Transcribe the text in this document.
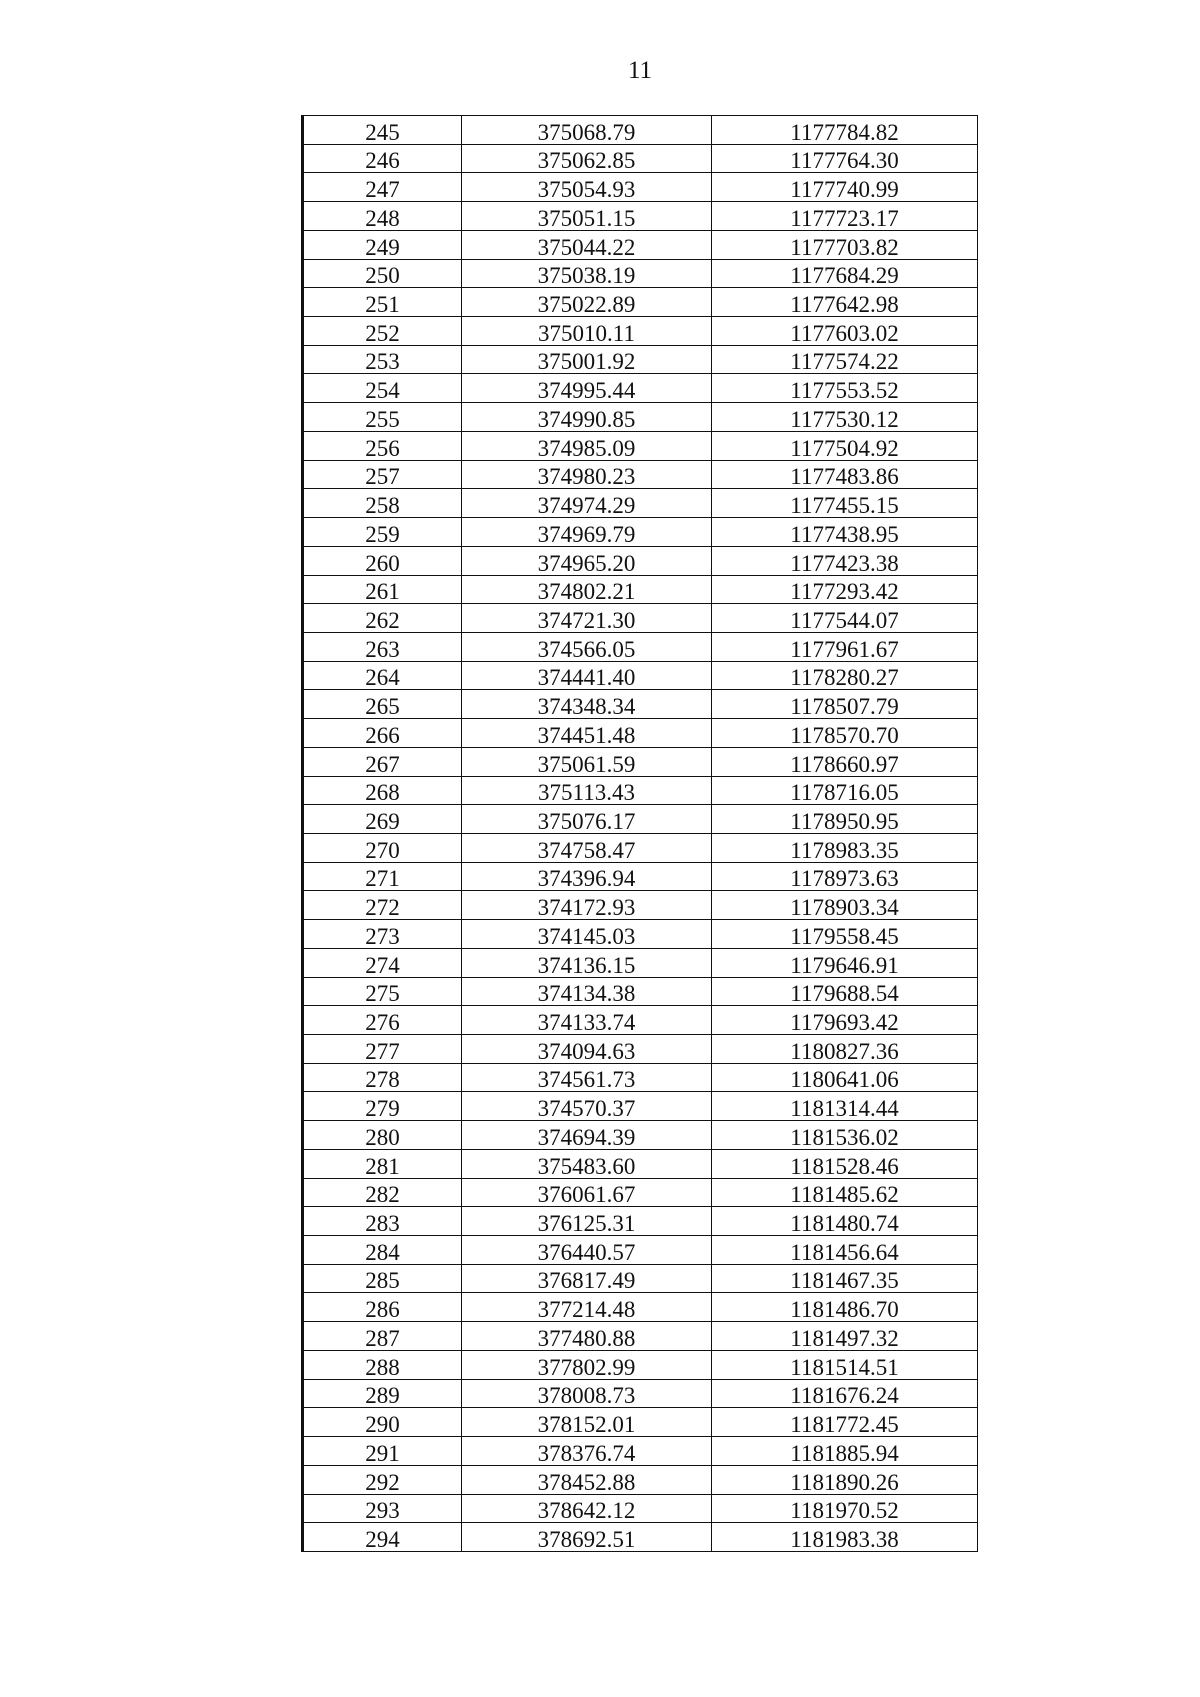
11
245	375068.79	1177784.82
246	375062.85	1177764.30
247	375054.93	1177740.99
248	375051.15	1177723.17
249	375044.22	1177703.82
250	375038.19	1177684.29
251	375022.89	1177642.98
252	375010.11	1177603.02
253	375001.92	1177574.22
254	374995.44	1177553.52
255	374990.85	1177530.12
256	374985.09	1177504.92
257	374980.23	1177483.86
258	374974.29	1177455.15
259	374969.79	1177438.95
260	374965.20	1177423.38
261	374802.21	1177293.42
262	374721.30	1177544.07
263	374566.05	1177961.67
264	374441.40	1178280.27
265	374348.34	1178507.79
266	374451.48	1178570.70
267	375061.59	1178660.97
268	375113.43	1178716.05
269	375076.17	1178950.95
270	374758.47	1178983.35
271	374396.94	1178973.63
272	374172.93	1178903.34
273	374145.03	1179558.45
274	374136.15	1179646.91
275	374134.38	1179688.54
276	374133.74	1179693.42
277	374094.63	1180827.36
278	374561.73	1180641.06
279	374570.37	1181314.44
280	374694.39	1181536.02
281	375483.60	1181528.46
282	376061.67	1181485.62
283	376125.31	1181480.74
284	376440.57	1181456.64
285	376817.49	1181467.35
286	377214.48	1181486.70
287	377480.88	1181497.32
288	377802.99	1181514.51
289	378008.73	1181676.24
290	378152.01	1181772.45
291	378376.74	1181885.94
292	378452.88	1181890.26
293	378642.12	1181970.52
294	378692.51	1181983.38
